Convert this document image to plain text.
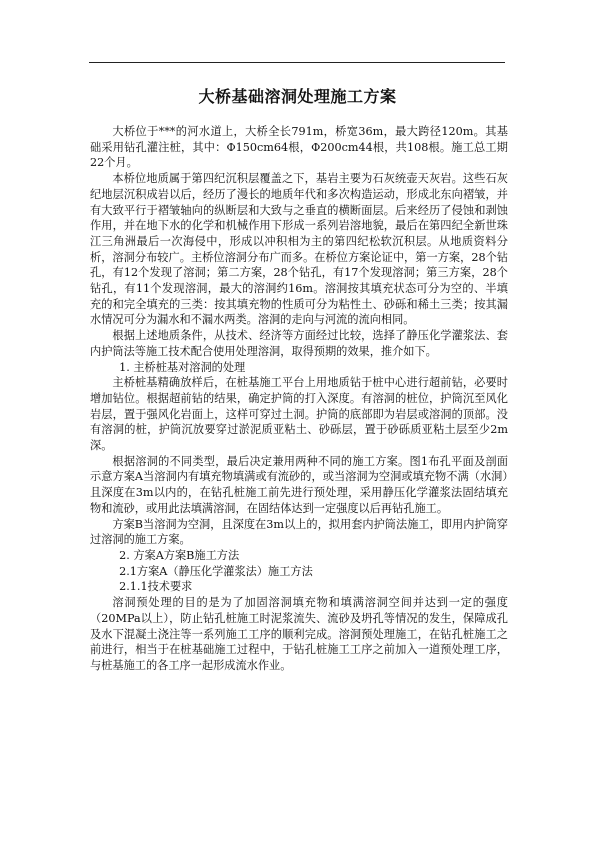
大桥基础溶洞处理施工方案

大桥位于***的河水道上，大桥全长791m，桥宽36m，最大跨径120m。其基础采用钻孔灌注桩，其中：Φ150cm64根，Φ200cm44根，共108根。施工总工期22个月。

本桥位地质属于第四纪沉积层覆盖之下，基岩主要为石灰统壶天灰岩。这些石灰纪地层沉积成岩以后，经历了漫长的地质年代和多次构造运动，形成北东向褶皱，并有大致平行于褶皱轴向的纵断层和大致与之垂直的横断面层。后来经历了侵蚀和剥蚀作用，并在地下水的化学和机械作用下形成一系列岩溶地貌，最后在第四纪全新世珠江三角洲最后一次海侵中，形成以冲积相为主的第四纪松软沉积层。从地质资料分析，溶洞分布较广。主桥位溶洞分布广而多。在桥位方案论证中，第一方案，28个钻孔，有12个发现了溶洞；第二方案，28个钻孔，有17个发现溶洞；第三方案，28个钻孔，有11个发现溶洞，最大的溶洞约16m。溶洞按其填充状态可分为空的、半填充的和完全填充的三类：按其填充物的性质可分为粘性土、砂砾和稀土三类；按其漏水情况可分为漏水和不漏水两类。溶洞的走向与河流的流向相同。

根据上述地质条件，从技术、经济等方面经过比较，选择了静压化学灌浆法、套内护筒法等施工技术配合使用处理溶洞，取得预期的效果，推介如下。

1. 主桥桩基对溶洞的处理

主桥桩基精确放样后，在桩基施工平台上用地质钻于桩中心进行超前钻，必要时增加钻位。根据超前钻的结果，确定护筒的打入深度。有溶洞的桩位，护筒沉至风化岩层，置于强风化岩面上，这样可穿过土洞。护筒的底部即为岩层或溶洞的顶部。没有溶洞的桩，护筒沉放要穿过淤泥质亚粘土、砂砾层，置于砂砾质亚粘土层至少2m深。

根据溶洞的不同类型，最后决定兼用两种不同的施工方案。图1布孔平面及剖面示意方案A当溶洞内有填充物填满或有流砂的，或当溶洞为空洞或填充物不满（水洞）且深度在3m以内的，在钻孔桩施工前先进行预处理，采用静压化学灌浆法固结填充物和流砂，或用此法填满溶洞，在固结体达到一定强度以后再钻孔施工。

方案B当溶洞为空洞，且深度在3m以上的，拟用套内护筒法施工，即用内护筒穿过溶洞的施工方案。

2. 方案A方案B施工方法

2.1方案A（静压化学灌浆法）施工方法

2.1.1技术要求

溶洞预处理的目的是为了加固溶洞填充物和填满溶洞空间并达到一定的强度（20MPa以上），防止钻孔桩施工时泥浆流失、流砂及坍孔等情况的发生，保障成孔及水下混凝土浇注等一系列施工工序的顺利完成。溶洞预处理施工，在钻孔桩施工之前进行，相当于在桩基础施工过程中，于钻孔桩施工工序之前加入一道预处理工序，与桩基施工的各工序一起形成流水作业。
